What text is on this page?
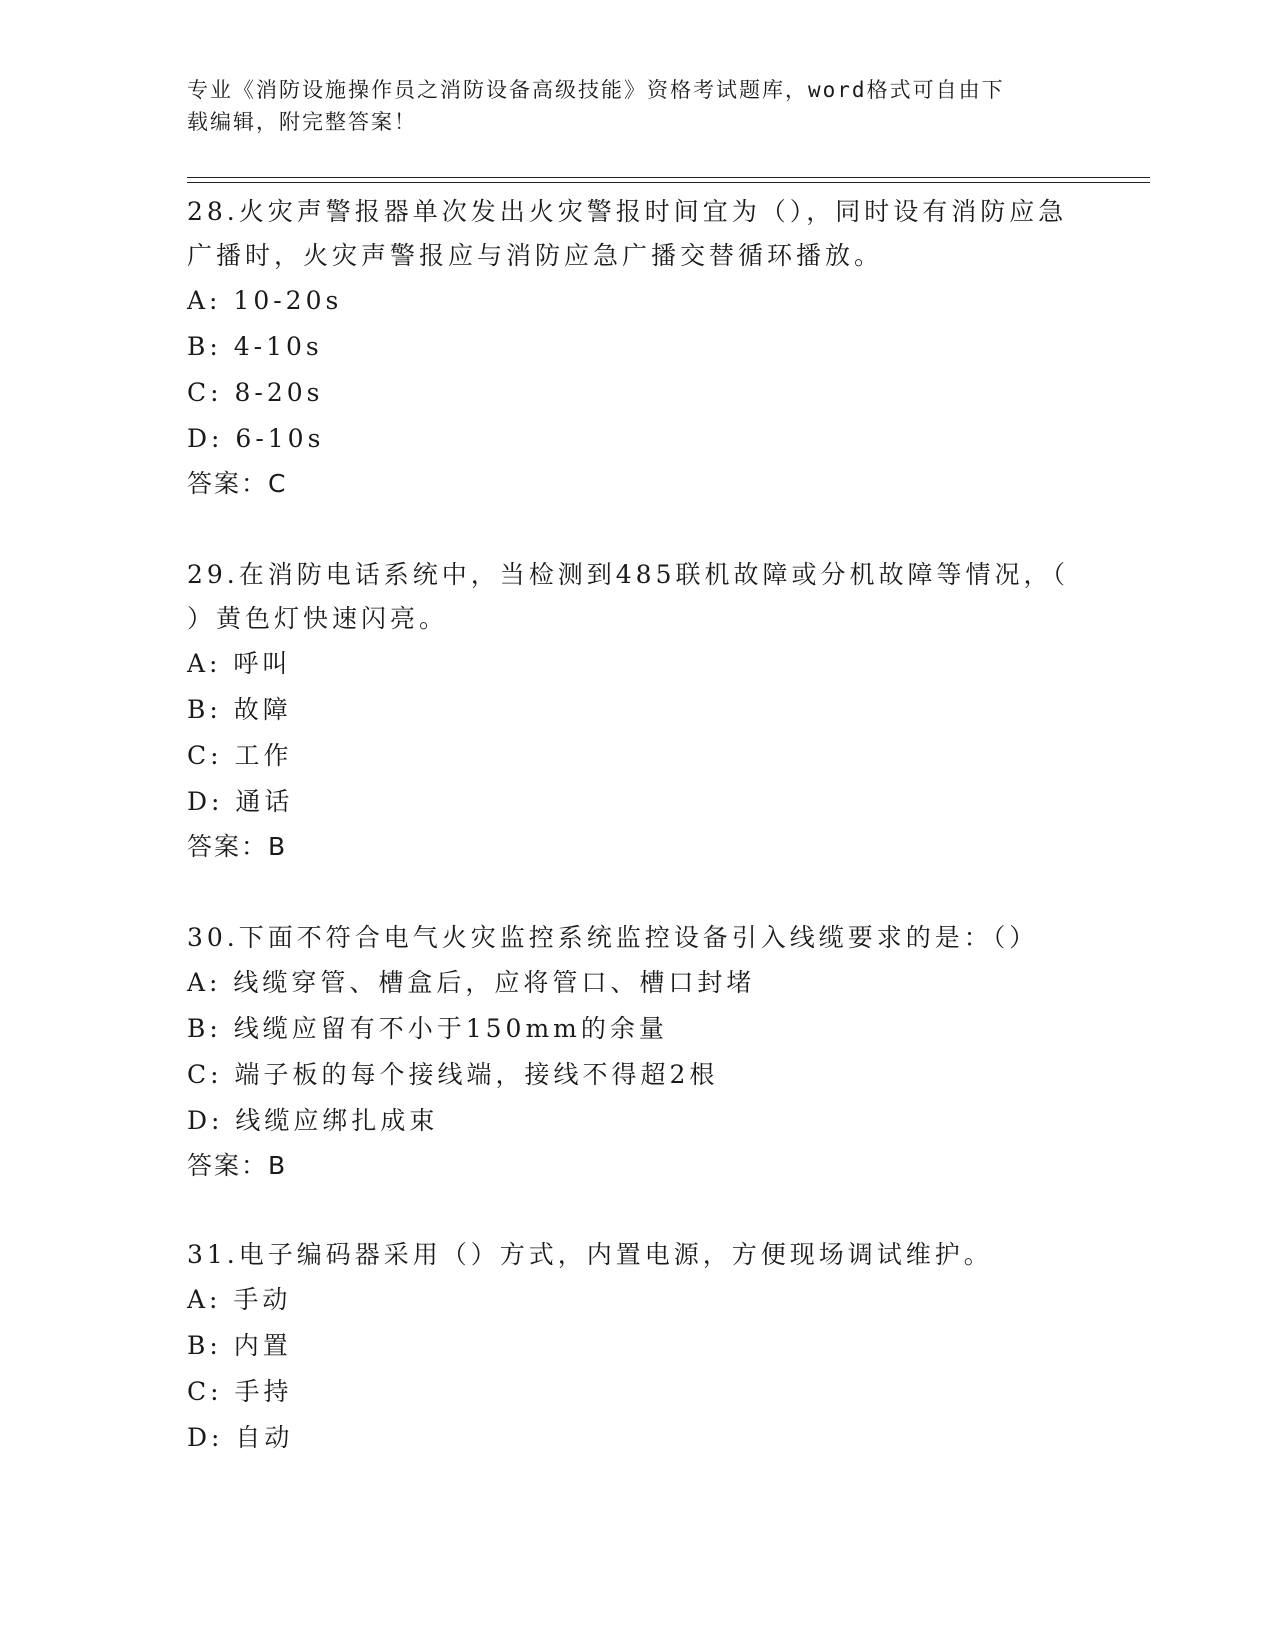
专业《消防设施操作员之消防设备高级技能》资格考试题库，word格式可自由下
载编辑，附完整答案！
28.火灾声警报器单次发出火灾警报时间宜为（），同时设有消防应急
广播时，火灾声警报应与消防应急广播交替循环播放。
A: 10-20s
B: 4-10s
C: 8-20s
D: 6-10s
答案：C
29.在消防电话系统中，当检测到485联机故障或分机故障等情况，（
）黄色灯快速闪亮。
A: 呼叫
B: 故障
C: 工作
D: 通话
答案：B
30.下面不符合电气火灾监控系统监控设备引入线缆要求的是：（）
A: 线缆穿管、槽盒后，应将管口、槽口封堵
B: 线缆应留有不小于150mm的余量
C: 端子板的每个接线端，接线不得超2根
D: 线缆应绑扎成束
答案：B
31.电子编码器采用（）方式，内置电源，方便现场调试维护。
A: 手动
B: 内置
C: 手持
D: 自动
